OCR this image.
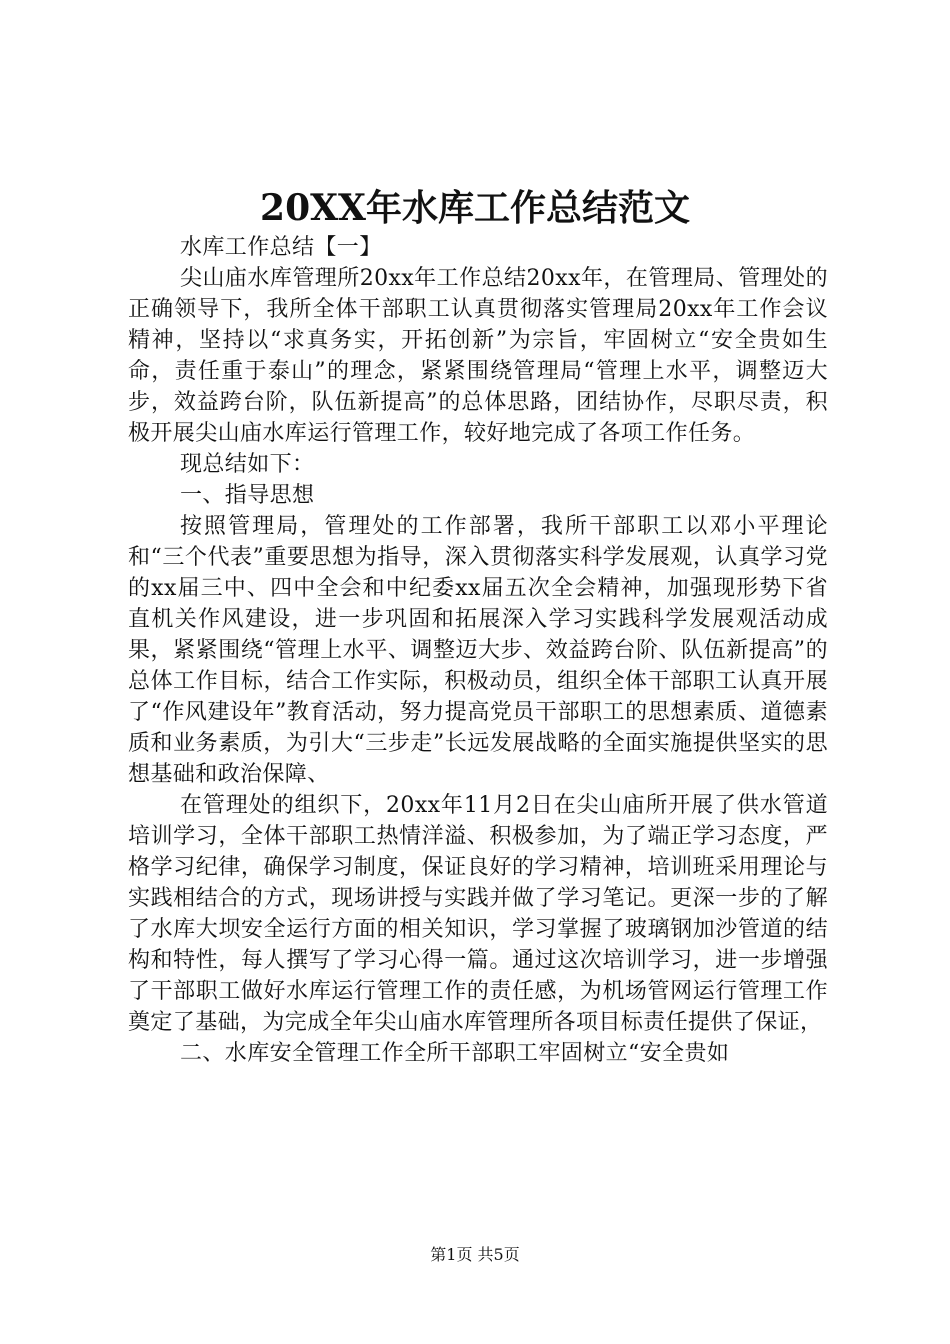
20XX年水库工作总结范文

水库工作总结【一】

尖山庙水库管理所20xx年工作总结20xx年，在管理局、管理处的正确领导下，我所全体干部职工认真贯彻落实管理局20xx年工作会议精神，坚持以“求真务实，开拓创新”为宗旨，牢固树立“安全贵如生命，责任重于泰山”的理念，紧紧围绕管理局“管理上水平，调整迈大步，效益跨台阶，队伍新提高”的总体思路，团结协作，尽职尽责，积极开展尖山庙水库运行管理工作，较好地完成了各项工作任务。

现总结如下：

一、指导思想

按照管理局，管理处的工作部署，我所干部职工以邓小平理论和“三个代表”重要思想为指导，深入贯彻落实科学发展观，认真学习党的xx届三中、四中全会和中纪委xx届五次全会精神，加强现形势下省直机关作风建设，进一步巩固和拓展深入学习实践科学发展观活动成果，紧紧围绕“管理上水平、调整迈大步、效益跨台阶、队伍新提高”的总体工作目标，结合工作实际，积极动员，组织全体干部职工认真开展了“作风建设年”教育活动，努力提高党员干部职工的思想素质、道德素质和业务素质，为引大“三步走”长远发展战略的全面实施提供坚实的思想基础和政治保障、

在管理处的组织下，20xx年11月2日在尖山庙所开展了供水管道培训学习，全体干部职工热情洋溢、积极参加，为了端正学习态度，严格学习纪律，确保学习制度，保证良好的学习精神，培训班采用理论与实践相结合的方式，现场讲授与实践并做了学习笔记。更深一步的了解了水库大坝安全运行方面的相关知识，学习掌握了玻璃钢加沙管道的结构和特性，每人撰写了学习心得一篇。通过这次培训学习，进一步增强了干部职工做好水库运行管理工作的责任感，为机场管网运行管理工作奠定了基础，为完成全年尖山庙水库管理所各项目标责任提供了保证，

二、水库安全管理工作全所干部职工牢固树立“安全贵如

第1页 共5页
